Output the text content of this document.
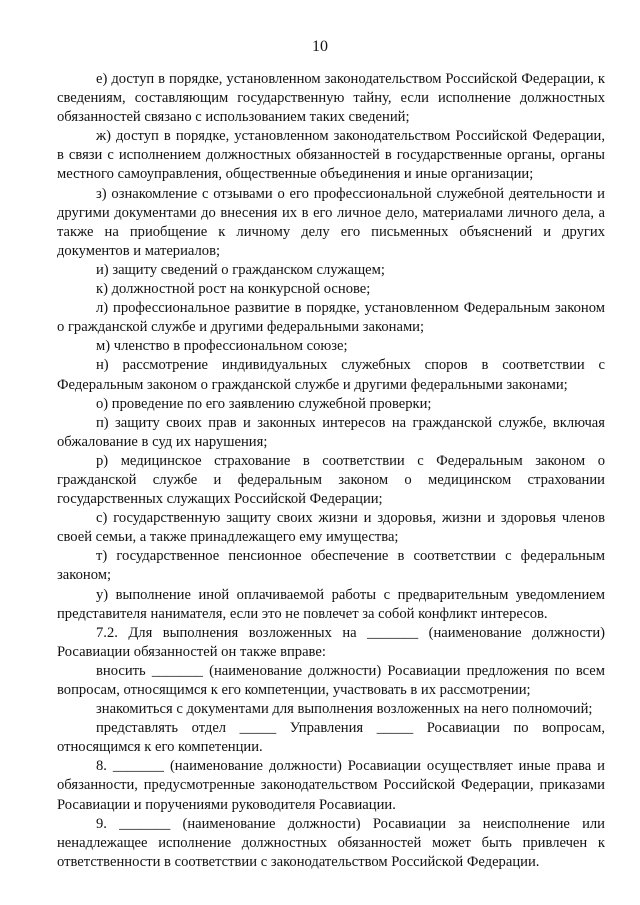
10

е) доступ в порядке, установленном законодательством Российской Федерации, к сведениям, составляющим государственную тайну, если исполнение должностных обязанностей связано с использованием таких сведений;

ж) доступ в порядке, установленном законодательством Российской Федерации, в связи с исполнением должностных обязанностей в государственные органы, органы местного самоуправления, общественные объединения и иные организации;

з) ознакомление с отзывами о его профессиональной служебной деятельности и другими документами до внесения их в его личное дело, материалами личного дела, а также на приобщение к личному делу его письменных объяснений и других документов и материалов;

и) защиту сведений о гражданском служащем;

к) должностной рост на конкурсной основе;

л) профессиональное развитие в порядке, установленном Федеральным законом о гражданской службе и другими федеральными законами;

м) членство в профессиональном союзе;

н) рассмотрение индивидуальных служебных споров в соответствии с Федеральным законом о гражданской службе и другими федеральными законами;

о) проведение по его заявлению служебной проверки;

п) защиту своих прав и законных интересов на гражданской службе, включая обжалование в суд их нарушения;

р) медицинское страхование в соответствии с Федеральным законом о гражданской службе и федеральным законом о медицинском страховании государственных служащих Российской Федерации;

с) государственную защиту своих жизни и здоровья, жизни и здоровья членов своей семьи, а также принадлежащего ему имущества;

т) государственное пенсионное обеспечение в соответствии с федеральным законом;

у) выполнение иной оплачиваемой работы с предварительным уведомлением представителя нанимателя, если это не повлечет за собой конфликт интересов.

7.2. Для выполнения возложенных на _______ (наименование должности) Росавиации обязанностей он также вправе:

вносить _______ (наименование должности) Росавиации предложения по всем вопросам, относящимся к его компетенции, участвовать в их рассмотрении;

знакомиться с документами для выполнения возложенных на него полномочий;

представлять отдел _____ Управления _____ Росавиации по вопросам, относящимся к его компетенции.

8. _______ (наименование должности) Росавиации осуществляет иные права и обязанности, предусмотренные законодательством Российской Федерации, приказами Росавиации и поручениями руководителя Росавиации.

9. _______ (наименование должности) Росавиации за неисполнение или ненадлежащее исполнение должностных обязанностей может быть привлечен к ответственности в соответствии с законодательством Российской Федерации.
